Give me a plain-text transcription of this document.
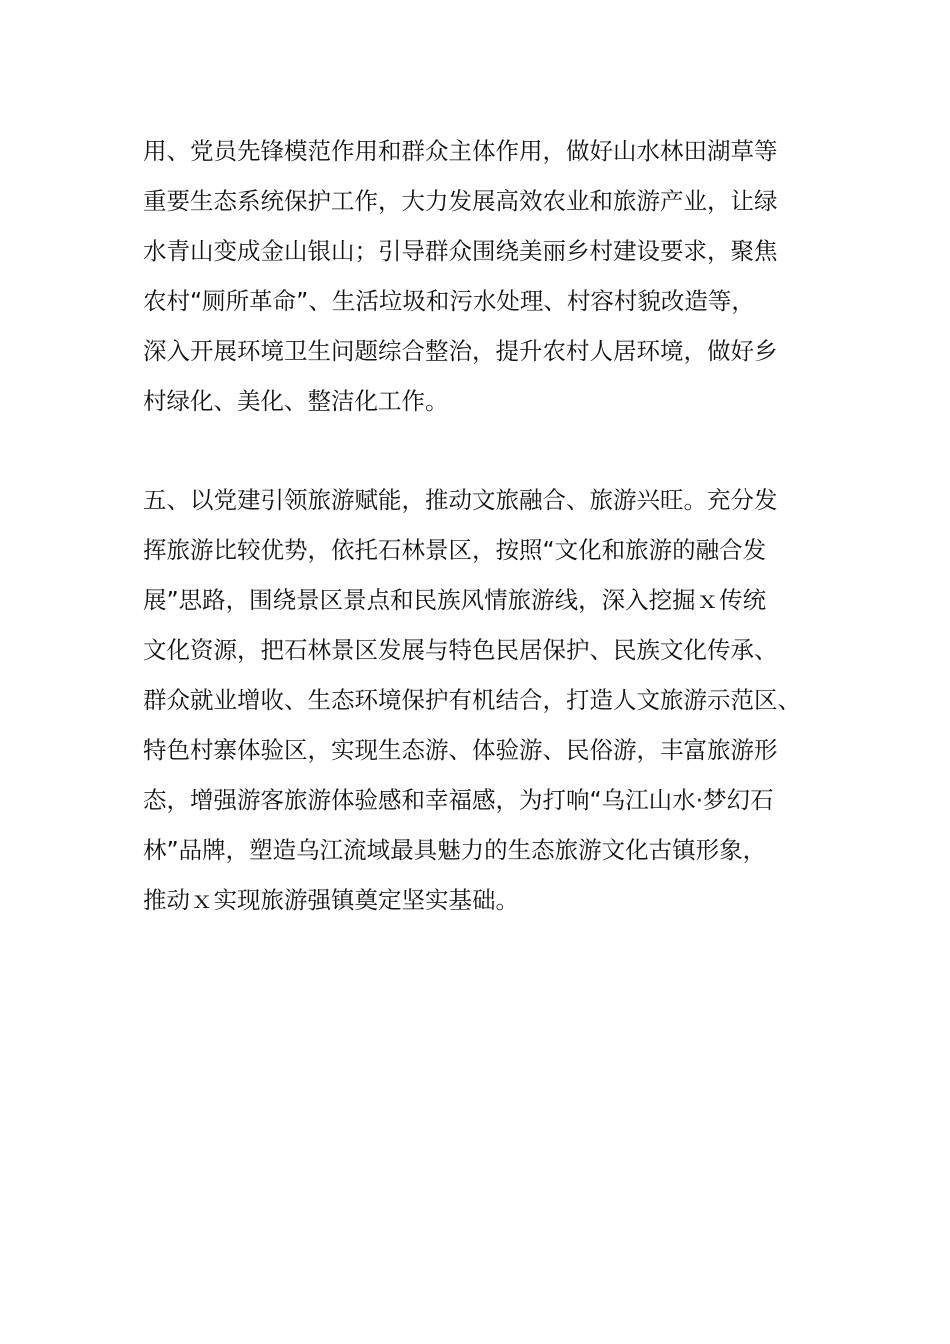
用、党员先锋模范作用和群众主体作用，做好山水林田湖草等
重要生态系统保护工作，大力发展高效农业和旅游产业，让绿
水青山变成金山银山；引导群众围绕美丽乡村建设要求，聚焦
农村“厕所革命”、生活垃圾和污水处理、村容村貌改造等，
深入开展环境卫生问题综合整治，提升农村人居环境，做好乡
村绿化、美化、整洁化工作。
五、以党建引领旅游赋能，推动文旅融合、旅游兴旺。充分发
挥旅游比较优势，依托石林景区，按照“文化和旅游的融合发
展”思路，围绕景区景点和民族风情旅游线，深入挖掘ｘ传统
文化资源，把石林景区发展与特色民居保护、民族文化传承、
群众就业增收、生态环境保护有机结合，打造人文旅游示范区、
特色村寨体验区，实现生态游、体验游、民俗游，丰富旅游形
态，增强游客旅游体验感和幸福感，为打响“乌江山水·梦幻石
林”品牌，塑造乌江流域最具魅力的生态旅游文化古镇形象，
推动ｘ实现旅游强镇奠定坚实基础。
